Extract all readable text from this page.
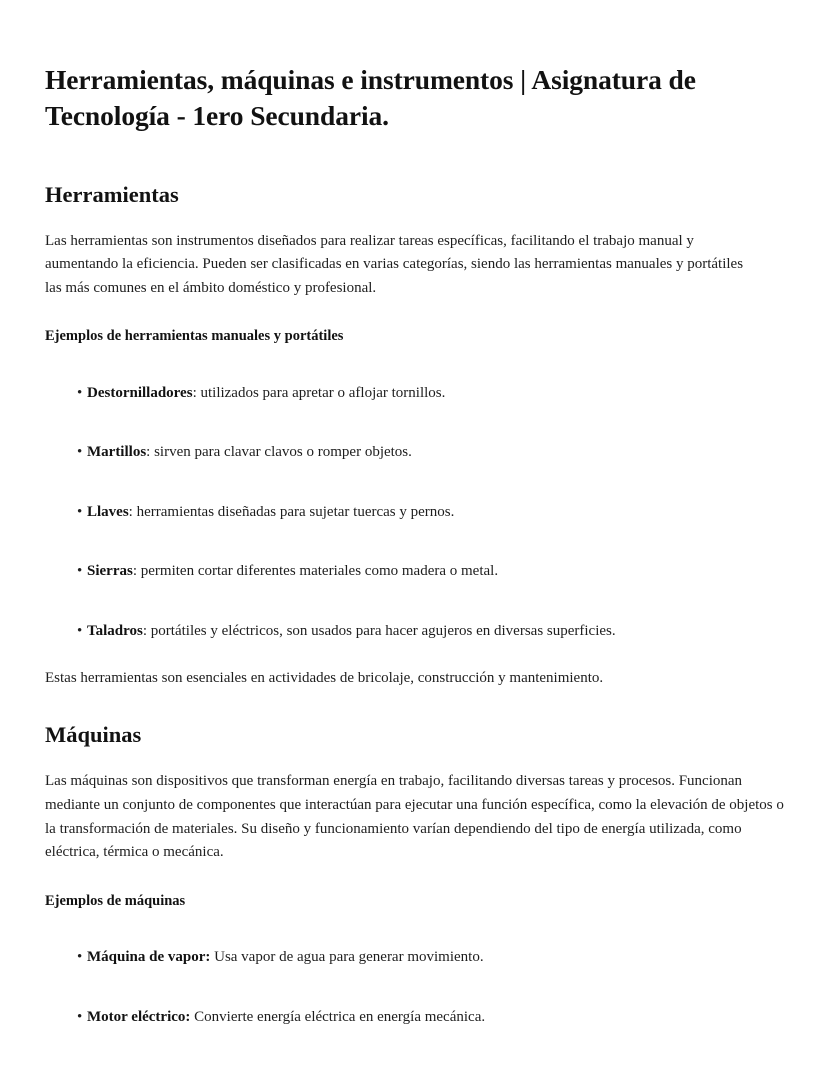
Herramientas, máquinas e instrumentos | Asignatura de Tecnología - 1ero Secundaria.
Herramientas

Las herramientas son instrumentos diseñados para realizar tareas específicas, facilitando el trabajo manual y aumentando la eficiencia. Pueden ser clasificadas en varias categorías, siendo las herramientas manuales y portátiles las más comunes en el ámbito doméstico y profesional.

Ejemplos de herramientas manuales y portátiles

• Destornilladores: utilizados para apretar o aflojar tornillos.
• Martillos: sirven para clavar clavos o romper objetos.
• Llaves: herramientas diseñadas para sujetar tuercas y pernos.
• Sierras: permiten cortar diferentes materiales como madera o metal.
• Taladros: portátiles y eléctricos, son usados para hacer agujeros en diversas superficies.

Estas herramientas son esenciales en actividades de bricolaje, construcción y mantenimiento.

Máquinas

Las máquinas son dispositivos que transforman energía en trabajo, facilitando diversas tareas y procesos. Funcionan mediante un conjunto de componentes que interactúan para ejecutar una función específica, como la elevación de objetos o la transformación de materiales. Su diseño y funcionamiento varían dependiendo del tipo de energía utilizada, como eléctrica, térmica o mecánica.

Ejemplos de máquinas

• Máquina de vapor: Usa vapor de agua para generar movimiento.
• Motor eléctrico: Convierte energía eléctrica en energía mecánica.
